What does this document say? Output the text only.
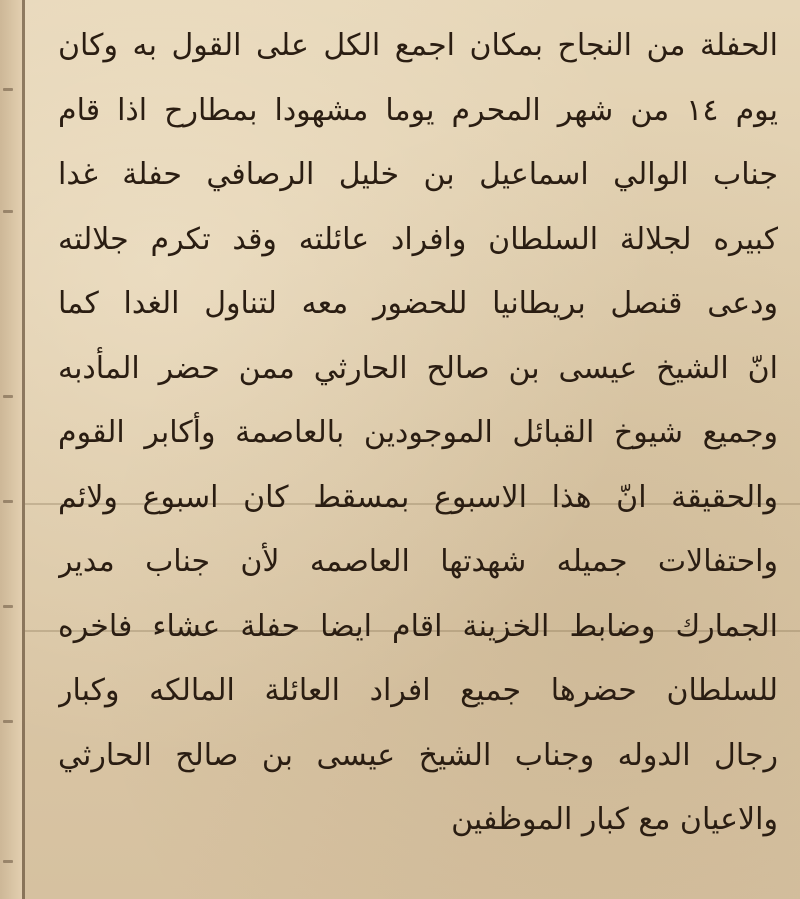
الحفلة من النجاح بمكان اجمع الكل على القول به وكان
يوم ١٤ من شهر المحرم يوما مشهودا بمطارح اذا قام
جناب الوالي اسماعيل بن خليل الرصافي حفلة غدا
كبيره لجلالة السلطان وافراد عائلته وقد تكرم جلالته
ودعى قنصل بريطانيا للحضور معه لتناول الغدا كما
انّ الشيخ عيسى بن صالح الحارثي ممن حضر المأدبه
وجميع شيوخ القبائل الموجودين بالعاصمة وأكابر القوم
والحقيقة انّ هذا الاسبوع بمسقط كان اسبوع ولائم
واحتفالات جميله شهدتها العاصمه لأن جناب مدير
الجمارك وضابط الخزينة اقام ايضا حفلة عشاء فاخره
للسلطان حضرها جميع افراد العائلة المالكه وكبار
رجال الدوله وجناب الشيخ عيسى بن صالح الحارثي
والاعيان مع كبار الموظفين
